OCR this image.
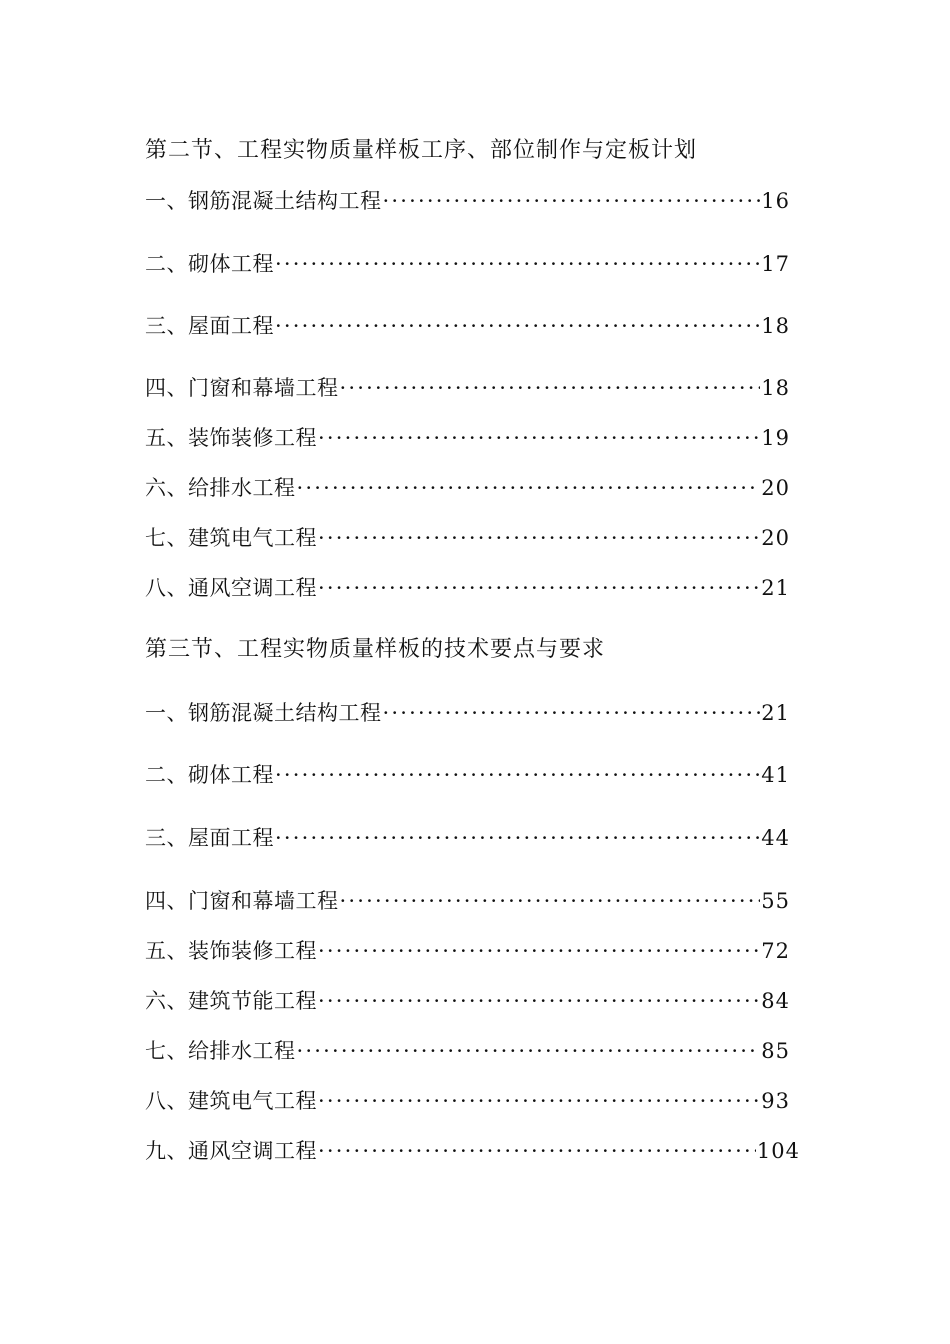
第二节、工程实物质量样板工序、部位制作与定板计划
一、钢筋混凝土结构工程 ·····	16
二、砌体工程 ·····	17
三、屋面工程 ·····	18
四、门窗和幕墙工程 ·····	18
五、装饰装修工程 ·····	19
六、给排水工程 ·····	20
七、建筑电气工程 ·····	20
八、通风空调工程 ·····	21
第三节、工程实物质量样板的技术要点与要求
一、钢筋混凝土结构工程 ·····	21
二、砌体工程 ·····	41
三、屋面工程 ·····	44
四、门窗和幕墙工程 ·····	55
五、装饰装修工程 ·····	72
六、建筑节能工程 ·····	84
七、给排水工程 ·····	85
八、建筑电气工程 ·····	93
九、通风空调工程 ·····	104
